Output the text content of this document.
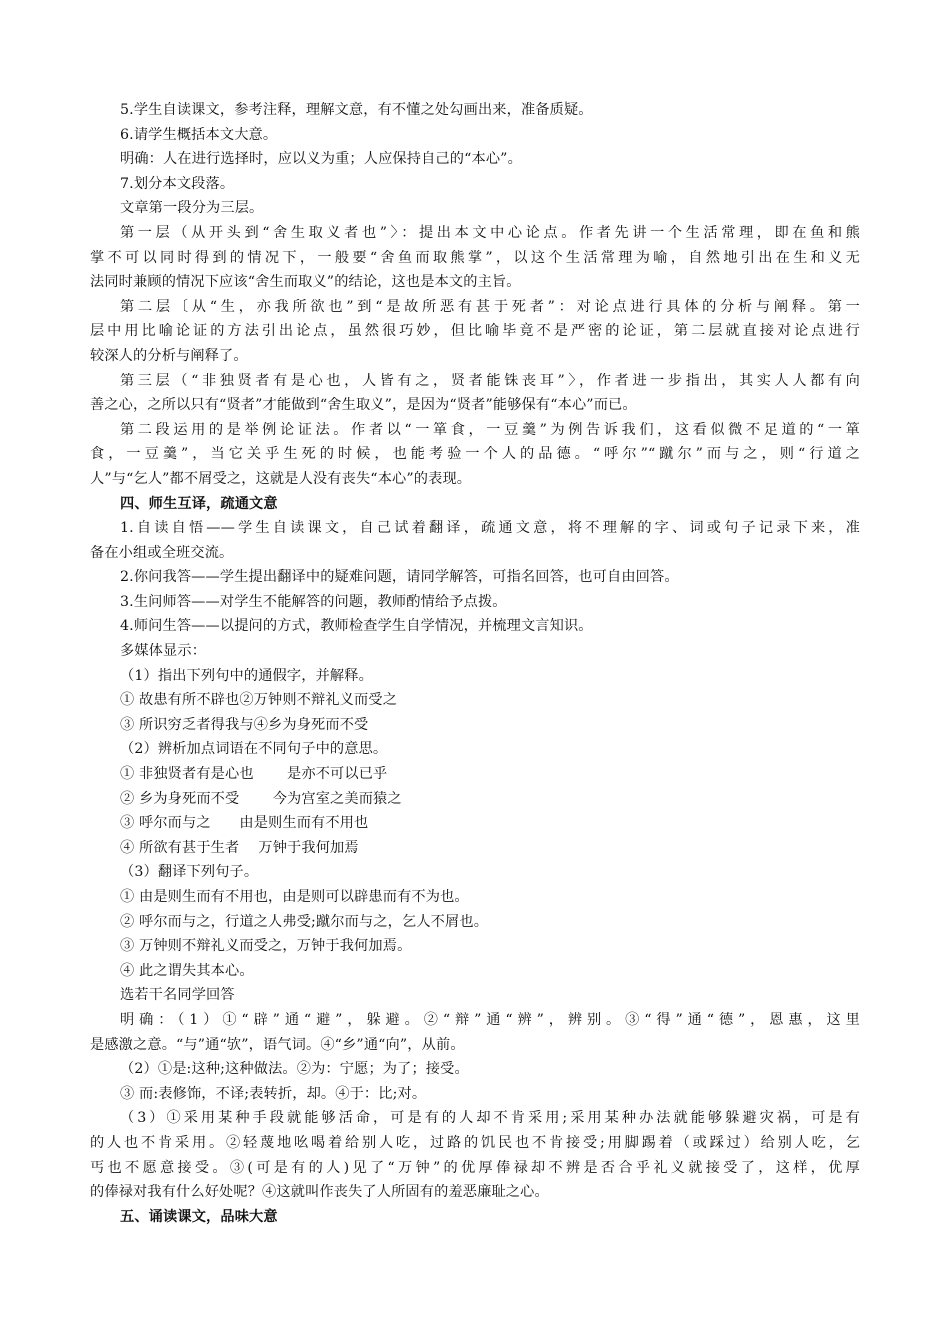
5.学生自读课文，参考注释，理解文意，有不懂之处勾画出来，准备质疑。
6.请学生概括本文大意。
明确：人在进行选择时，应以义为重；人应保持自己的“本心”。
7.划分本文段落。
文章第一段分为三层。
第一层（从开头到“舍生取义者也”〉：提出本文中心论点。作者先讲一个生活常理，即在鱼和熊
掌不可以同时得到的情况下，一般要“舍鱼而取熊掌”，以这个生活常理为喻，自然地引出在生和义无
法同时兼顾的情况下应该“舍生而取义”的结论，这也是本文的主旨。
第二层〔从“生，亦我所欲也”到“是故所恶有甚于死者”：对论点进行具体的分析与阐释。第一
层中用比喻论证的方法引出论点，虽然很巧妙，但比喻毕竟不是严密的论证，第二层就直接对论点进行
较深人的分析与阐释了。
第三层（“非独贤者有是心也，人皆有之，贤者能铢丧耳”〉，作者进一步指出，其实人人都有向
善之心，之所以只有“贤者”才能做到“舍生取义”，是因为“贤者”能够保有“本心”而已。
第二段运用的是举例论证法。作者以“一箪食，一豆羹”为例告诉我们，这看似微不足道的“一箪
食，一豆羹”，当它关乎生死的时候，也能考验一个人的品德。“呼尔”“蹴尔”而与之，则“行道之
人”与“乞人”都不屑受之，这就是人没有丧失“本心”的表现。
四、师生互译，疏通文意
1.自读自悟——学生自读课文，自己试着翻译，疏通文意，将不理解的字、词或句子记录下来，准
备在小组或全班交流。
2.你问我答——学生提出翻译中的疑难问题，请同学解答，可指名回答，也可自由回答。
3.生问师答——对学生不能解答的问题，教师酌情给予点拨。
4.师问生答——以提问的方式，教师检查学生自学情况，并梳理文言知识。
多媒体显示：
（1）指出下列句中的通假字，并解释。
① 故患有所不辟也②万钟则不辩礼义而受之
③ 所识穷乏者得我与④乡为身死而不受
（2）辨析加点词语在不同句子中的意思。
① 非独贤者有是心也　　 是亦不可以已乎
② 乡为身死而不受　　 今为宫室之美而猿之
③ 呼尔而与之　　由是则生而有不用也
④ 所欲有甚于生者　 万钟于我何加焉
（3）翻译下列句子。
① 由是则生而有不用也，由是则可以辟患而有不为也。
② 呼尔而与之，行道之人弗受;蹴尔而与之，乞人不屑也。
③ 万钟则不辩礼义而受之，万钟于我何加焉。
④ 此之谓失其本心。
选若干名同学回答
明确：（1）①“辟”通“避”，躲避。②“辩”通“辨”，辨别。③“得”通“德”，恩惠，这里
是感激之意。“与”通“欤”，语气词。④“乡”通“向”，从前。
（2）①是:这种;这种做法。②为：宁愿；为了；接受。
③ 而:表修饰，不译;表转折，却。④于：比;对。
（3）①采用某种手段就能够活命，可是有的人却不肯采用;采用某种办法就能够躲避灾祸，可是有
的人也不肯采用。②轻蔑地吆喝着给别人吃，过路的饥民也不肯接受;用脚踢着（或踩过）给别人吃，乞
丐也不愿意接受。③(可是有的人)见了“万钟”的优厚俸禄却不辨是否合乎礼义就接受了，这样，优厚
的俸禄对我有什么好处呢？④这就叫作丧失了人所固有的羞恶廉耻之心。
五、诵读课文，品味大意
